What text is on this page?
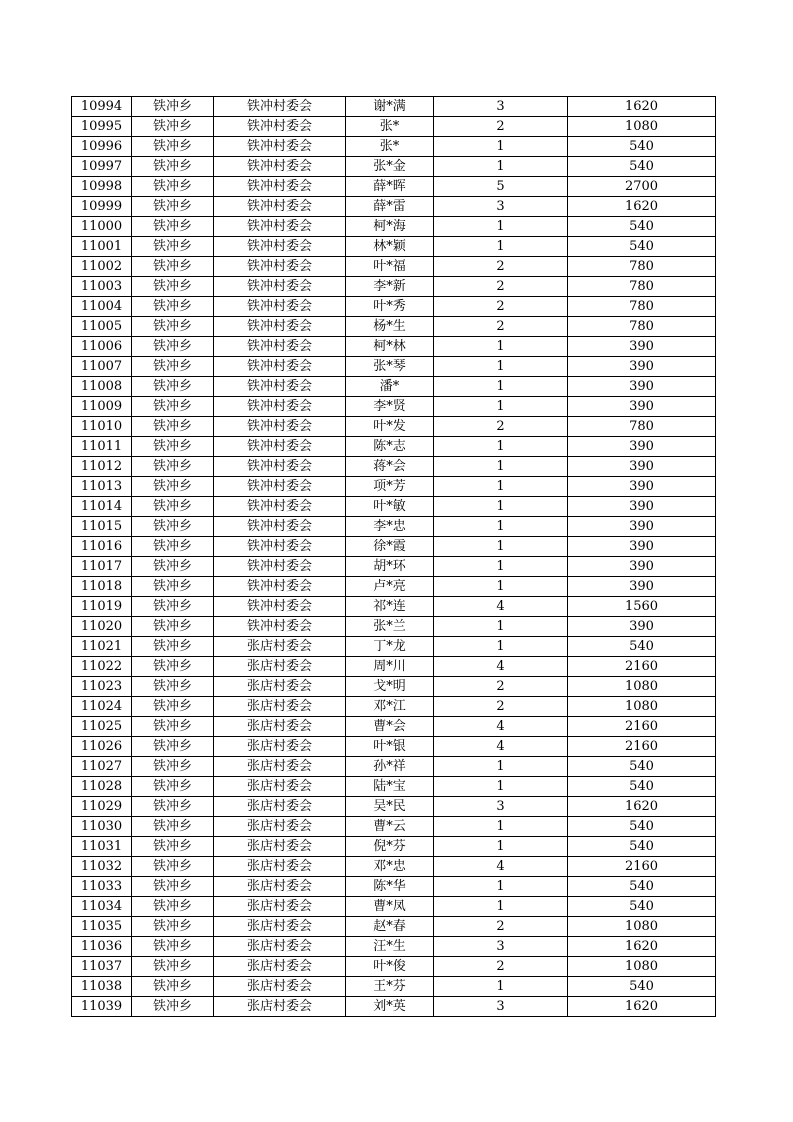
10994	铁冲乡	铁冲村委会	谢*满	3	1620
10995	铁冲乡	铁冲村委会	张*	2	1080
10996	铁冲乡	铁冲村委会	张*	1	540
10997	铁冲乡	铁冲村委会	张*金	1	540
10998	铁冲乡	铁冲村委会	薛*晖	5	2700
10999	铁冲乡	铁冲村委会	薛*雷	3	1620
11000	铁冲乡	铁冲村委会	柯*海	1	540
11001	铁冲乡	铁冲村委会	林*颖	1	540
11002	铁冲乡	铁冲村委会	叶*福	2	780
11003	铁冲乡	铁冲村委会	李*新	2	780
11004	铁冲乡	铁冲村委会	叶*秀	2	780
11005	铁冲乡	铁冲村委会	杨*生	2	780
11006	铁冲乡	铁冲村委会	柯*林	1	390
11007	铁冲乡	铁冲村委会	张*琴	1	390
11008	铁冲乡	铁冲村委会	潘*	1	390
11009	铁冲乡	铁冲村委会	李*贤	1	390
11010	铁冲乡	铁冲村委会	叶*发	2	780
11011	铁冲乡	铁冲村委会	陈*志	1	390
11012	铁冲乡	铁冲村委会	蒋*会	1	390
11013	铁冲乡	铁冲村委会	项*芳	1	390
11014	铁冲乡	铁冲村委会	叶*敏	1	390
11015	铁冲乡	铁冲村委会	李*忠	1	390
11016	铁冲乡	铁冲村委会	徐*霞	1	390
11017	铁冲乡	铁冲村委会	胡*环	1	390
11018	铁冲乡	铁冲村委会	卢*亮	1	390
11019	铁冲乡	铁冲村委会	祁*连	4	1560
11020	铁冲乡	铁冲村委会	张*兰	1	390
11021	铁冲乡	张店村委会	丁*龙	1	540
11022	铁冲乡	张店村委会	周*川	4	2160
11023	铁冲乡	张店村委会	戈*明	2	1080
11024	铁冲乡	张店村委会	邓*江	2	1080
11025	铁冲乡	张店村委会	曹*会	4	2160
11026	铁冲乡	张店村委会	叶*银	4	2160
11027	铁冲乡	张店村委会	孙*祥	1	540
11028	铁冲乡	张店村委会	陆*宝	1	540
11029	铁冲乡	张店村委会	吴*民	3	1620
11030	铁冲乡	张店村委会	曹*云	1	540
11031	铁冲乡	张店村委会	倪*芬	1	540
11032	铁冲乡	张店村委会	邓*忠	4	2160
11033	铁冲乡	张店村委会	陈*华	1	540
11034	铁冲乡	张店村委会	曹*凤	1	540
11035	铁冲乡	张店村委会	赵*春	2	1080
11036	铁冲乡	张店村委会	汪*生	3	1620
11037	铁冲乡	张店村委会	叶*俊	2	1080
11038	铁冲乡	张店村委会	王*芬	1	540
11039	铁冲乡	张店村委会	刘*英	3	1620
